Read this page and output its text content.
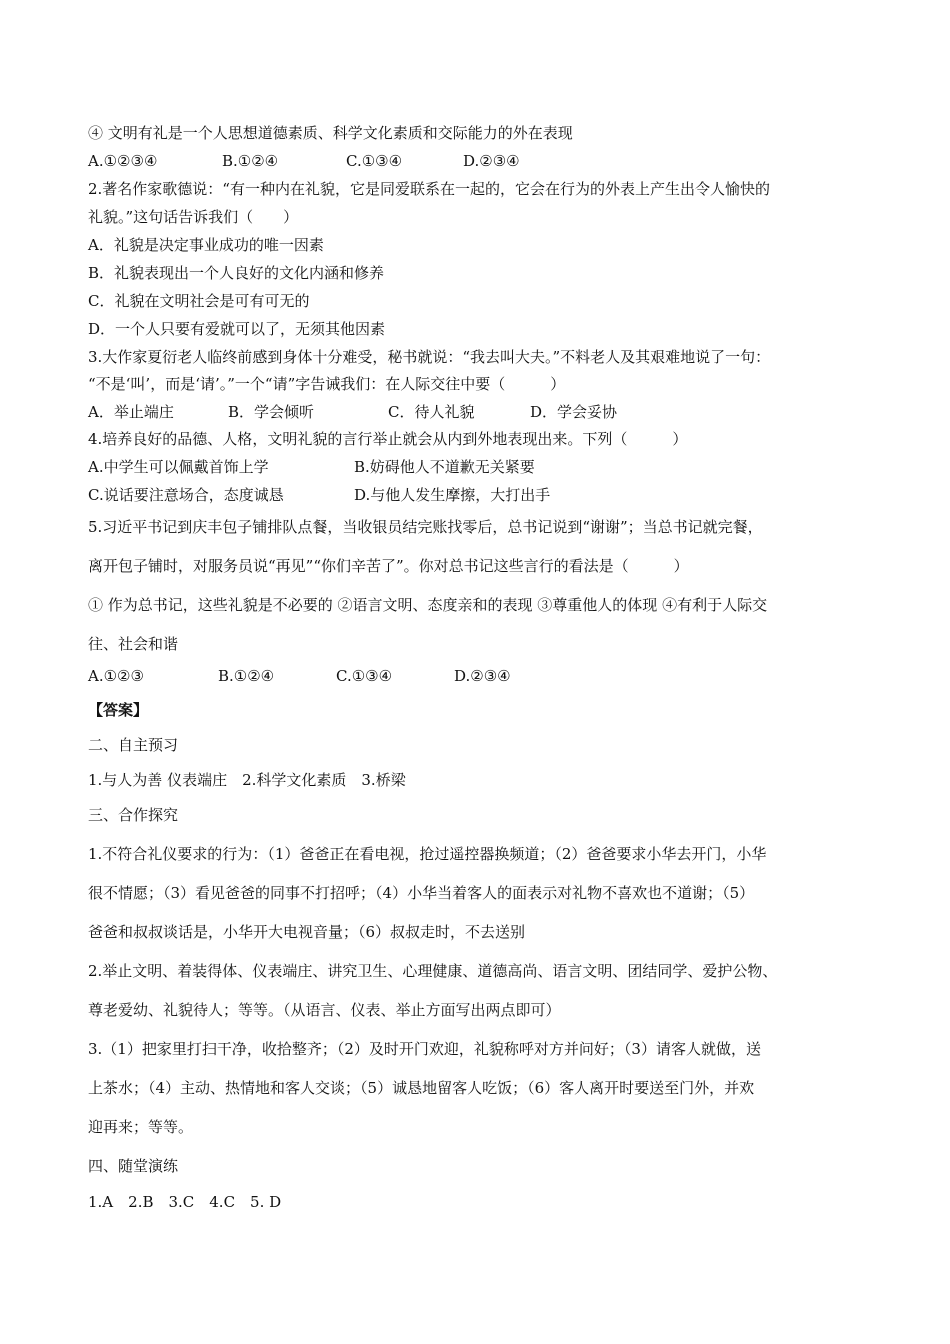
④ 文明有礼是一个人思想道德素质、科学文化素质和交际能力的外在表现
A.①②③④	B.①②④	C.①③④	D.②③④
2.著名作家歌德说：“有一种内在礼貌，它是同爱联系在一起的，它会在行为的外表上产生出令人愉快的
礼貌。”这句话告诉我们（　　）
A．礼貌是决定事业成功的唯一因素
B．礼貌表现出一个人良好的文化内涵和修养
C．礼貌在文明社会是可有可无的
D．一个人只要有爱就可以了，无须其他因素
3.大作家夏衍老人临终前感到身体十分难受，秘书就说：“我去叫大夫。”不料老人及其艰难地说了一句：
“不是‘叫’，而是‘请’。”一个“请”字告诫我们：在人际交往中要（　　　）
A．举止端庄	B．学会倾听	C．待人礼貌	D．学会妥协
4.培养良好的品德、人格，文明礼貌的言行举止就会从内到外地表现出来。下列（　　　）
A.中学生可以佩戴首饰上学	B.妨碍他人不道歉无关紧要
C.说话要注意场合，态度诚恳	D.与他人发生摩擦，大打出手
5.习近平书记到庆丰包子铺排队点餐，当收银员结完账找零后，总书记说到“谢谢”；当总书记就完餐，
离开包子铺时，对服务员说“再见”“你们辛苦了”。你对总书记这些言行的看法是（　　　）
① 作为总书记，这些礼貌是不必要的 ②语言文明、态度亲和的表现 ③尊重他人的体现 ④有利于人际交
往、社会和谐
A.①②③	B.①②④	C.①③④	D.②③④
【答案】
二、自主预习
1.与人为善 仪表端庄　2.科学文化素质　3.桥梁
三、合作探究
1.不符合礼仪要求的行为：（1）爸爸正在看电视，抢过遥控器换频道；（2）爸爸要求小华去开门，小华
很不情愿；（3）看见爸爸的同事不打招呼；（4）小华当着客人的面表示对礼物不喜欢也不道谢；（5）
爸爸和叔叔谈话是，小华开大电视音量；（6）叔叔走时，不去送别
2.举止文明、着装得体、仪表端庄、讲究卫生、心理健康、道德高尚、语言文明、团结同学、爱护公物、
尊老爱幼、礼貌待人；等等。（从语言、仪表、举止方面写出两点即可）
3.（1）把家里打扫干净，收拾整齐；（2）及时开门欢迎，礼貌称呼对方并问好；（3）请客人就做，送
上茶水；（4）主动、热情地和客人交谈；（5）诚恳地留客人吃饭；（6）客人离开时要送至门外，并欢
迎再来；等等。
四、随堂演练
1.A　2.B　3.C　4.C　5. D
